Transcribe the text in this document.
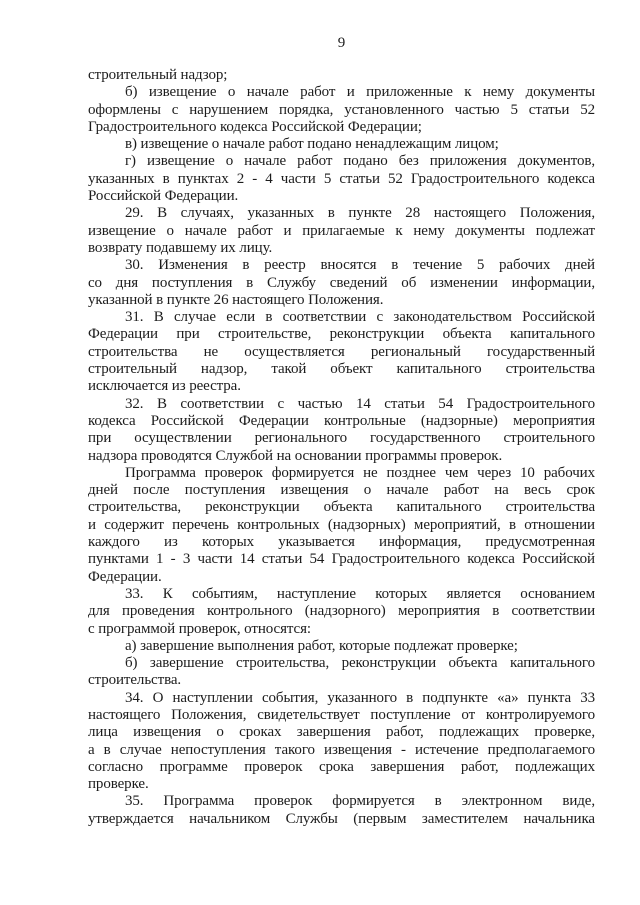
9
строительный надзор;
б) извещение о начале работ и приложенные к нему документы
оформлены с нарушением порядка, установленного частью 5 статьи 52
Градостроительного кодекса Российской Федерации;
в) извещение о начале работ подано ненадлежащим лицом;
г) извещение о начале работ подано без приложения документов,
указанных в пунктах 2 - 4 части 5 статьи 52 Градостроительного кодекса
Российской Федерации.
29. В случаях, указанных в пункте 28 настоящего Положения,
извещение о начале работ и прилагаемые к нему документы подлежат
возврату подавшему их лицу.
30. Изменения в реестр вносятся в течение 5 рабочих дней
со дня поступления в Службу сведений об изменении информации,
указанной в пункте 26 настоящего Положения.
31. В случае если в соответствии с законодательством Российской
Федерации при строительстве, реконструкции объекта капитального
строительства не осуществляется региональный государственный
строительный надзор, такой объект капитального строительства
исключается из реестра.
32. В соответствии с частью 14 статьи 54 Градостроительного
кодекса Российской Федерации контрольные (надзорные) мероприятия
при осуществлении регионального государственного строительного
надзора проводятся Службой на основании программы проверок.
Программа проверок формируется не позднее чем через 10 рабочих
дней после поступления извещения о начале работ на весь срок
строительства, реконструкции объекта капитального строительства
и содержит перечень контрольных (надзорных) мероприятий, в отношении
каждого из которых указывается информация, предусмотренная
пунктами 1 - 3 части 14 статьи 54 Градостроительного кодекса Российской
Федерации.
33. К событиям, наступление которых является основанием
для проведения контрольного (надзорного) мероприятия в соответствии
с программой проверок, относятся:
а) завершение выполнения работ, которые подлежат проверке;
б) завершение строительства, реконструкции объекта капитального
строительства.
34. О наступлении события, указанного в подпункте «а» пункта 33
настоящего Положения, свидетельствует поступление от контролируемого
лица извещения о сроках завершения работ, подлежащих проверке,
а в случае непоступления такого извещения - истечение предполагаемого
согласно программе проверок срока завершения работ, подлежащих
проверке.
35. Программа проверок формируется в электронном виде,
утверждается начальником Службы (первым заместителем начальника
